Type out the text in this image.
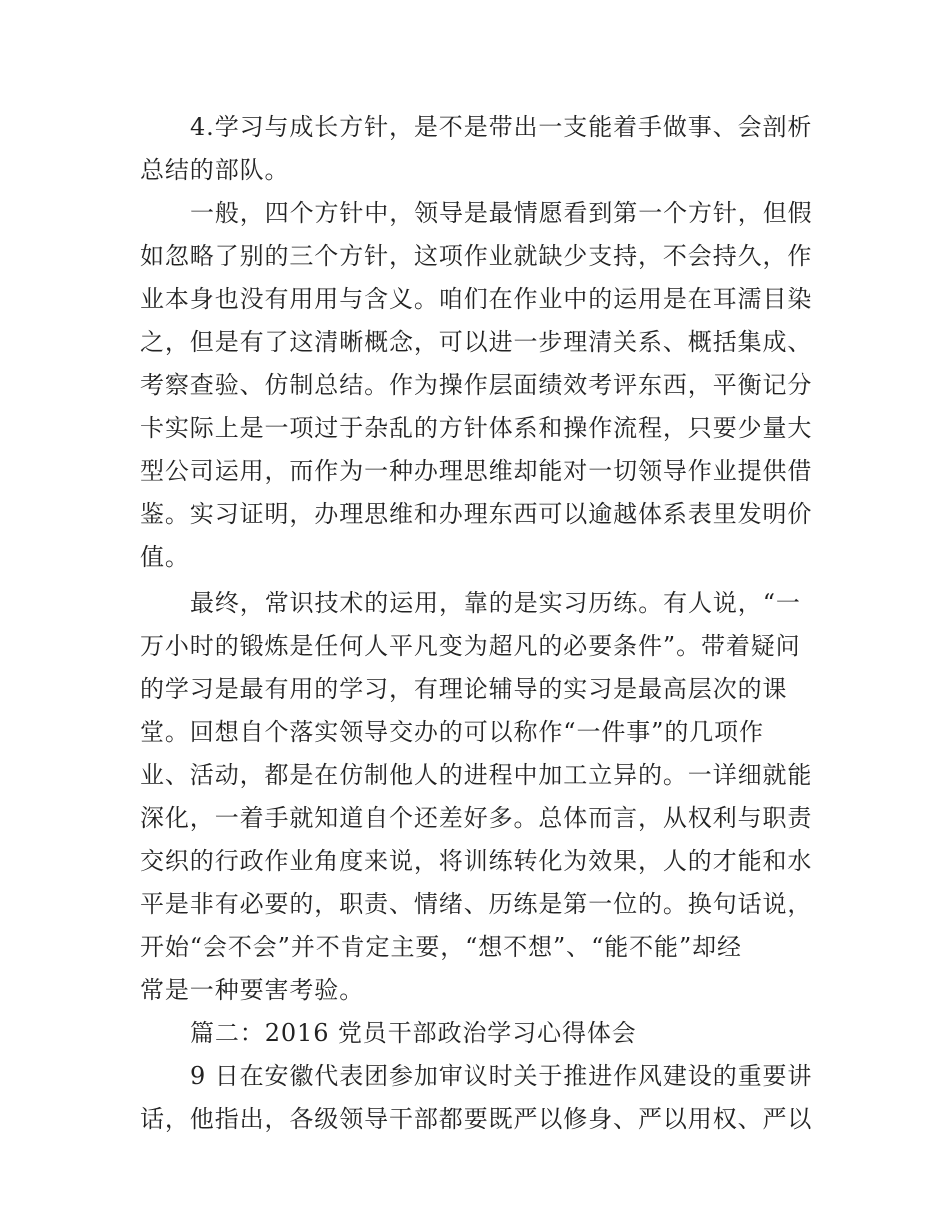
4.学习与成长方针，是不是带出一支能着手做事、会剖析
总结的部队。
一般，四个方针中，领导是最情愿看到第一个方针，但假
如忽略了别的三个方针，这项作业就缺少支持，不会持久，作
业本身也没有用用与含义。咱们在作业中的运用是在耳濡目染
之，但是有了这清晰概念，可以进一步理清关系、概括集成、
考察查验、仿制总结。作为操作层面绩效考评东西，平衡记分
卡实际上是一项过于杂乱的方针体系和操作流程，只要少量大
型公司运用，而作为一种办理思维却能对一切领导作业提供借
鉴。实习证明，办理思维和办理东西可以逾越体系表里发明价
值。
最终，常识技术的运用，靠的是实习历练。有人说，“一
万小时的锻炼是任何人平凡变为超凡的必要条件”。带着疑问
的学习是最有用的学习，有理论辅导的实习是最高层次的课
堂。回想自个落实领导交办的可以称作“一件事”的几项作
业、活动，都是在仿制他人的进程中加工立异的。一详细就能
深化，一着手就知道自个还差好多。总体而言，从权利与职责
交织的行政作业角度来说，将训练转化为效果，人的才能和水
平是非有必要的，职责、情绪、历练是第一位的。换句话说，
开始“会不会”并不肯定主要，“想不想”、“能不能”却经
常是一种要害考验。
篇二：2016 党员干部政治学习心得体会
9 日在安徽代表团参加审议时关于推进作风建设的重要讲
话，他指出，各级领导干部都要既严以修身、严以用权、严以
